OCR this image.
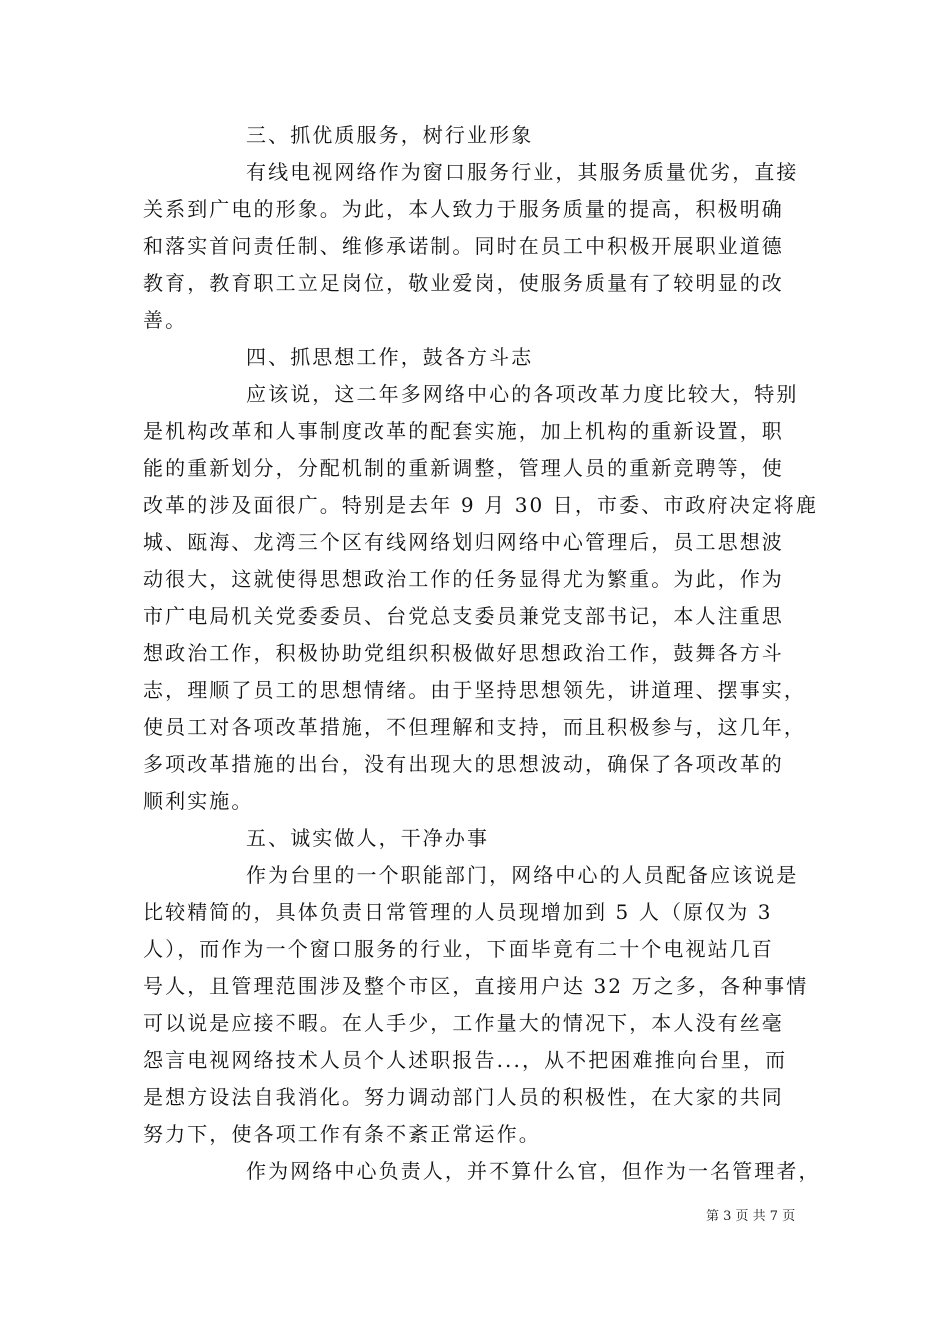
三、抓优质服务，树行业形象
有线电视网络作为窗口服务行业，其服务质量优劣，直接
关系到广电的形象。为此，本人致力于服务质量的提高，积极明确
和落实首问责任制、维修承诺制。同时在员工中积极开展职业道德
教育，教育职工立足岗位，敬业爱岗，使服务质量有了较明显的改
善。
四、抓思想工作，鼓各方斗志
应该说，这二年多网络中心的各项改革力度比较大，特别
是机构改革和人事制度改革的配套实施，加上机构的重新设置，职
能的重新划分，分配机制的重新调整，管理人员的重新竞聘等，使
改革的涉及面很广。特别是去年 9 月 30 日，市委、市政府决定将鹿
城、瓯海、龙湾三个区有线网络划归网络中心管理后，员工思想波
动很大，这就使得思想政治工作的任务显得尤为繁重。为此，作为
市广电局机关党委委员、台党总支委员兼党支部书记，本人注重思
想政治工作，积极协助党组织积极做好思想政治工作，鼓舞各方斗
志，理顺了员工的思想情绪。由于坚持思想领先，讲道理、摆事实，
使员工对各项改革措施，不但理解和支持，而且积极参与，这几年，
多项改革措施的出台，没有出现大的思想波动，确保了各项改革的
顺利实施。
五、诚实做人，干净办事
作为台里的一个职能部门，网络中心的人员配备应该说是
比较精简的，具体负责日常管理的人员现增加到 5 人（原仅为 3
人），而作为一个窗口服务的行业，下面毕竟有二十个电视站几百
号人，且管理范围涉及整个市区，直接用户达 32 万之多，各种事情
可以说是应接不暇。在人手少，工作量大的情况下，本人没有丝毫
怨言电视网络技术人员个人述职报告...，从不把困难推向台里，而
是想方设法自我消化。努力调动部门人员的积极性，在大家的共同
努力下，使各项工作有条不紊正常运作。
作为网络中心负责人，并不算什么官，但作为一名管理者，
第 3 页 共 7 页
